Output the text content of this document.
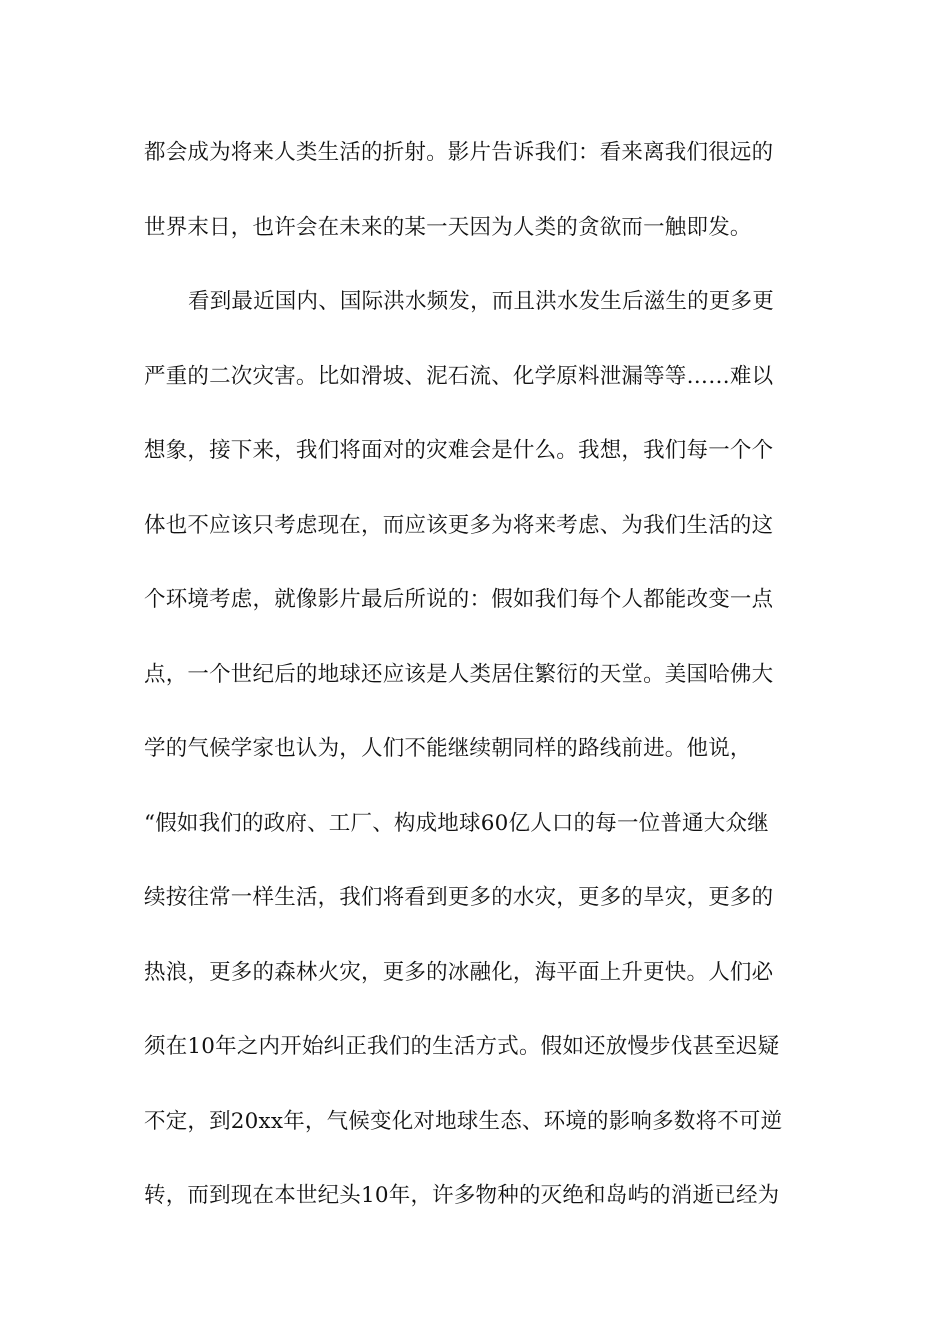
都会成为将来人类生活的折射。影片告诉我们：看来离我们很远的
世界末日，也许会在未来的某一天因为人类的贪欲而一触即发。
看到最近国内、国际洪水频发，而且洪水发生后滋生的更多更
严重的二次灾害。比如滑坡、泥石流、化学原料泄漏等等……难以
想象，接下来，我们将面对的灾难会是什么。我想，我们每一个个
体也不应该只考虑现在，而应该更多为将来考虑、为我们生活的这
个环境考虑，就像影片最后所说的：假如我们每个人都能改变一点
点，一个世纪后的地球还应该是人类居住繁衍的天堂。美国哈佛大
学的气候学家也认为，人们不能继续朝同样的路线前进。他说，
“假如我们的政府、工厂、构成地球60亿人口的每一位普通大众继
续按往常一样生活，我们将看到更多的水灾，更多的旱灾，更多的
热浪，更多的森林火灾，更多的冰融化，海平面上升更快。人们必
须在10年之内开始纠正我们的生活方式。假如还放慢步伐甚至迟疑
不定，到20xx年，气候变化对地球生态、环境的影响多数将不可逆
转，而到现在本世纪头10年，许多物种的灭绝和岛屿的消逝已经为
